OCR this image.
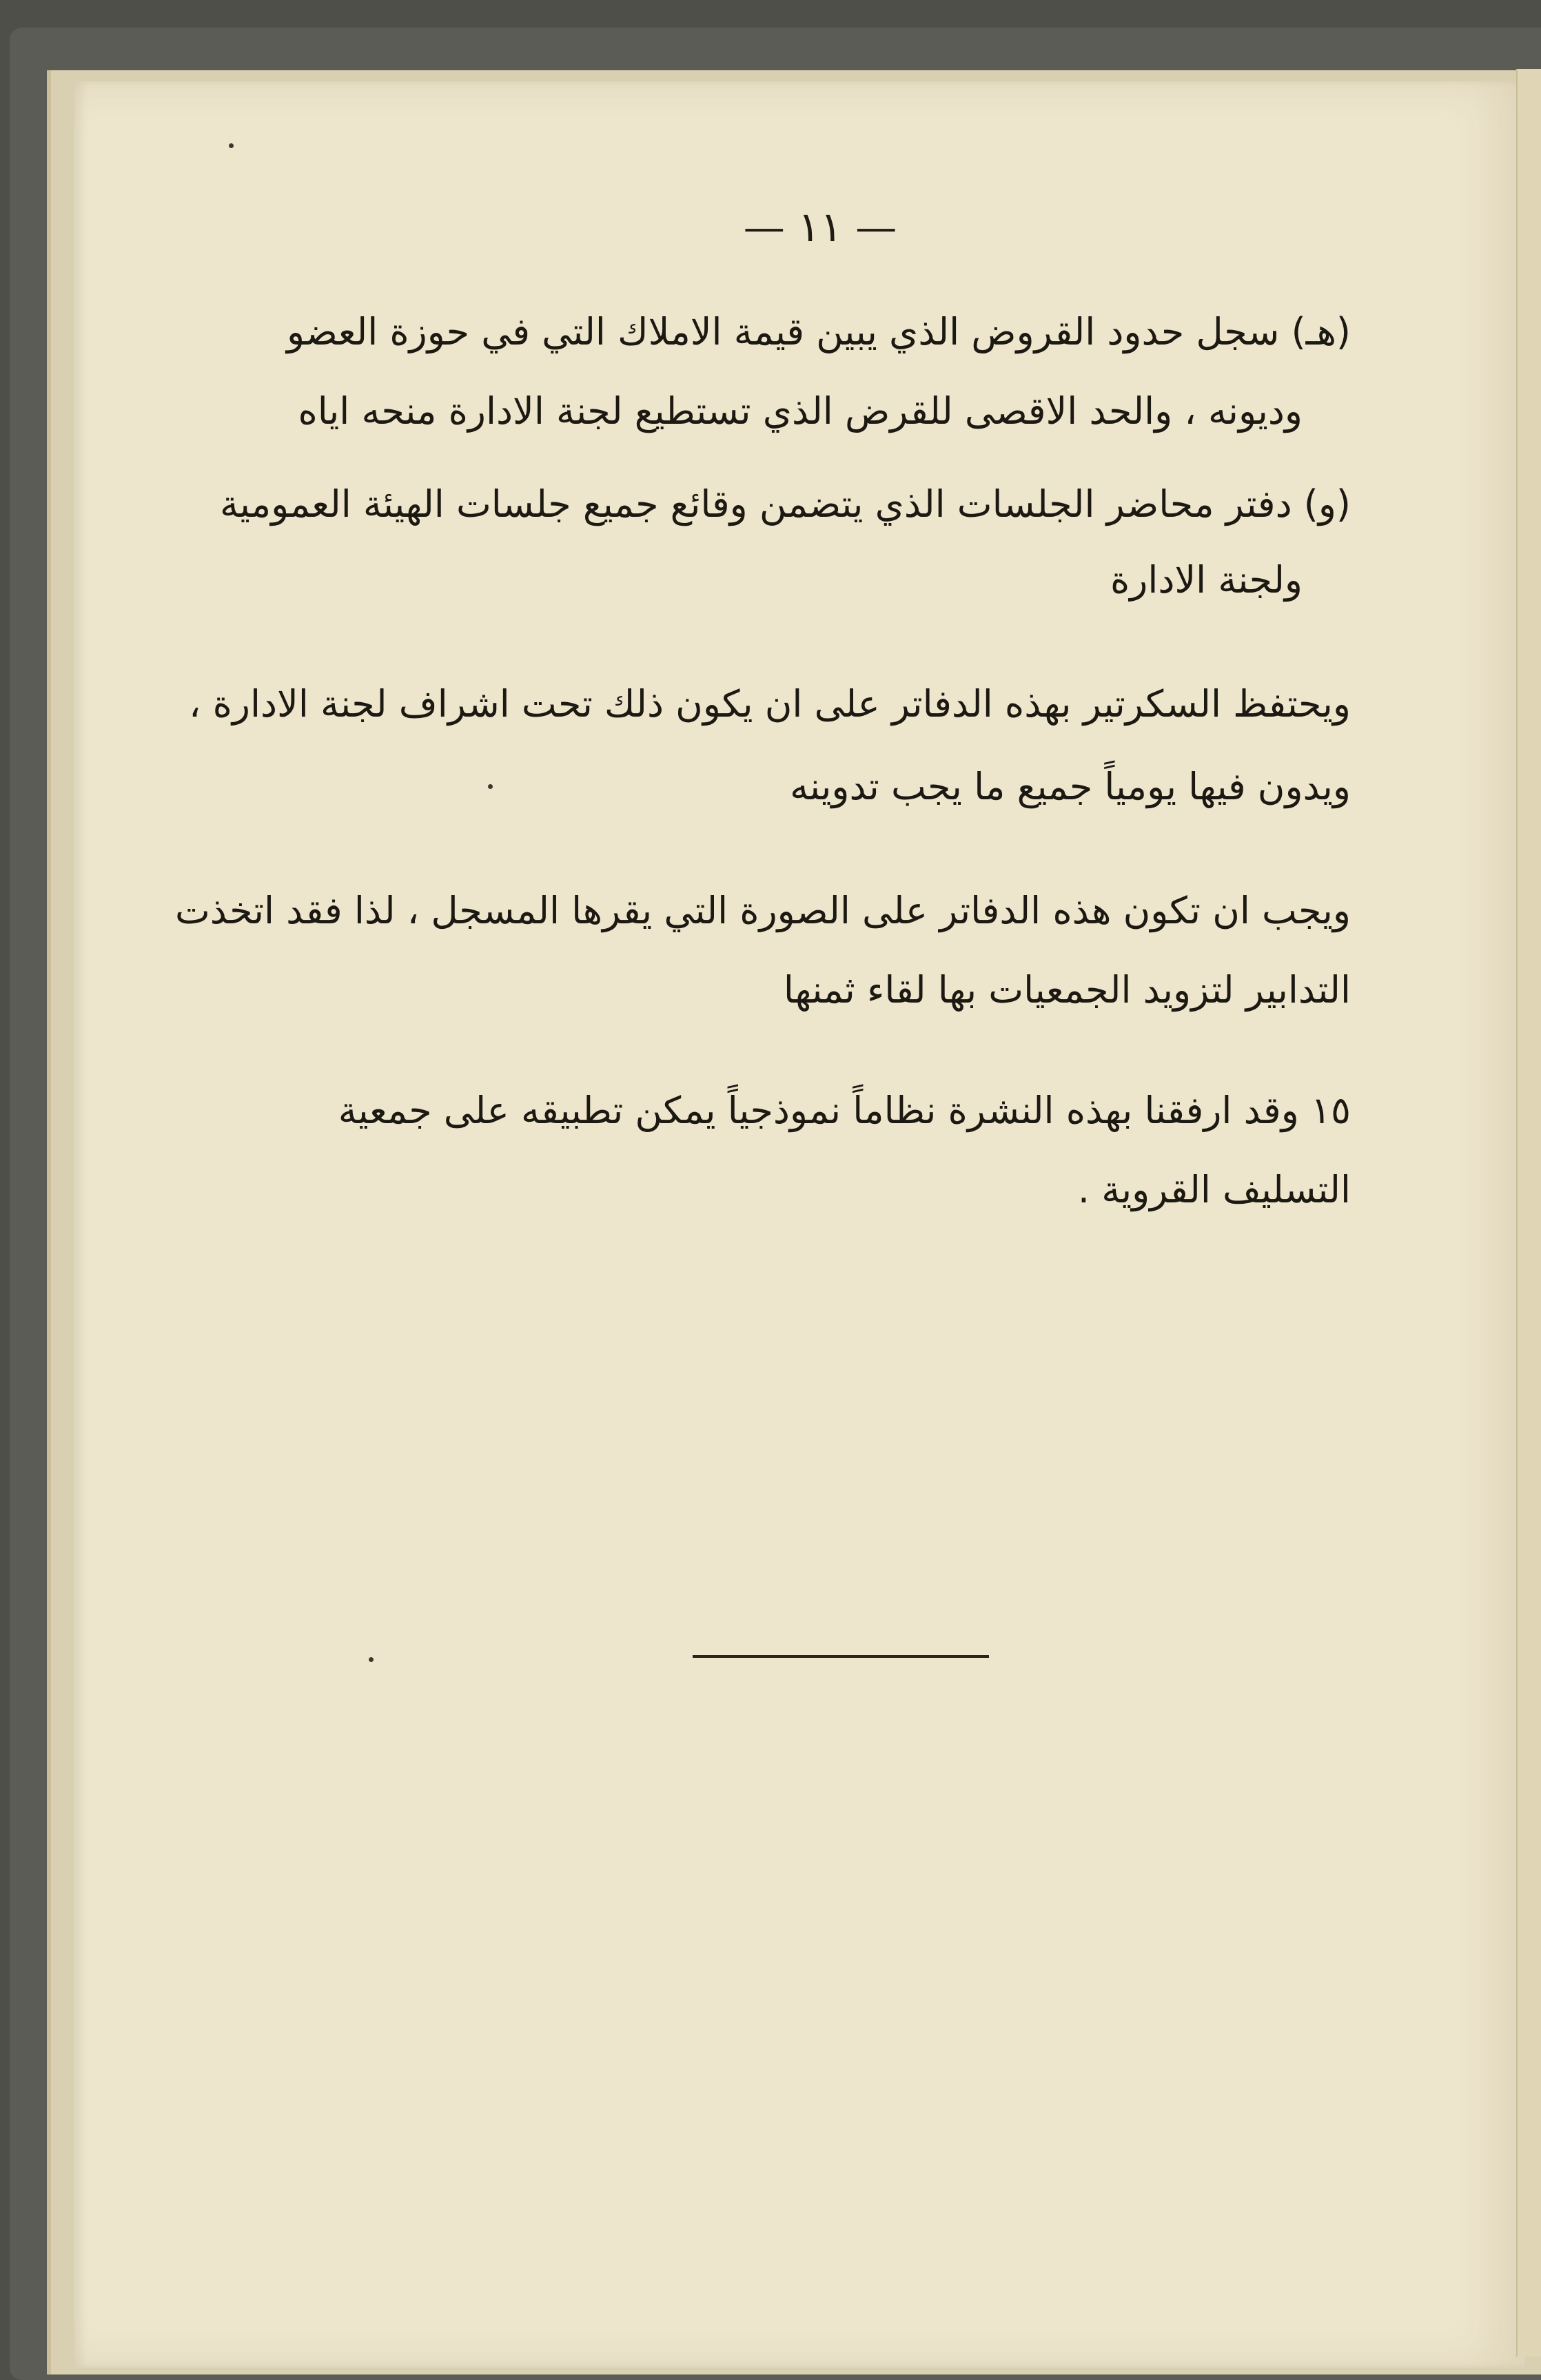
— ١١ —
(هـ) سجل حدود القروض الذي يبين قيمة الاملاك التي في حوزة العضو
وديونه ، والحد الاقصى للقرض الذي تستطيع لجنة الادارة منحه اياه
(و) دفتر محاضر الجلسات الذي يتضمن وقائع جميع جلسات الهيئة العمومية
ولجنة الادارة
ويحتفظ السكرتير بهذه الدفاتر على ان يكون ذلك تحت اشراف لجنة الادارة ،
ويدون فيها يومياً جميع ما يجب تدوينه
ويجب ان تكون هذه الدفاتر على الصورة التي يقرها المسجل ، لذا فقد اتخذت
التدابير لتزويد الجمعيات بها لقاء ثمنها
١٥ وقد ارفقنا بهذه النشرة نظاماً نموذجياً يمكن تطبيقه على جمعية
التسليف القروية .
